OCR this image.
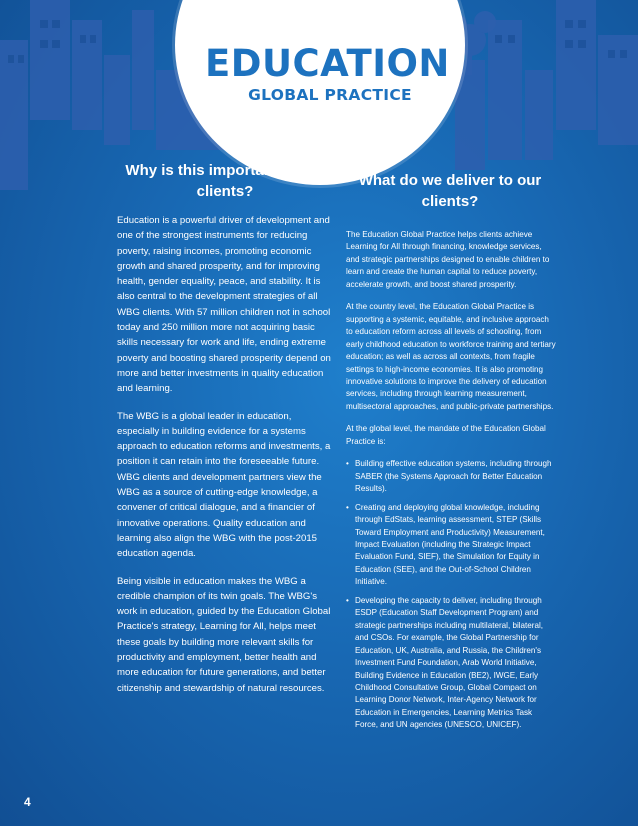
EDUCATION
GLOBAL PRACTICE
Why is this important to our clients?
What do we deliver to our clients?

Education is a powerful driver of development and one of the strongest instruments for reducing poverty, raising incomes, promoting economic growth and shared prosperity, and for improving health, gender equality, peace, and stability. It is also central to the development strategies of all WBG clients. With 57 million children not in school today and 250 million more not acquiring basic skills necessary for work and life, ending extreme poverty and boosting shared prosperity depend on more and better investments in quality education and learning.

The WBG is a global leader in education, especially in building evidence for a systems approach to education reforms and investments, a position it can retain into the foreseeable future. WBG clients and development partners view the WBG as a source of cutting-edge knowledge, a convener of critical dialogue, and a financier of innovative operations. Quality education and learning also align the WBG with the post-2015 education agenda.

Being visible in education makes the WBG a credible champion of its twin goals. The WBG's work in education, guided by the Education Global Practice's strategy, Learning for All, helps meet these goals by building more relevant skills for productivity and employment, better health and more education for future generations, and better citizenship and stewardship of natural resources.

The Education Global Practice helps clients achieve Learning for All through financing, knowledge services, and strategic partnerships designed to enable children to learn and create the human capital to reduce poverty, accelerate growth, and boost shared prosperity.

At the country level, the Education Global Practice is supporting a systemic, equitable, and inclusive approach to education reform across all levels of schooling, from early childhood education to workforce training and tertiary education; as well as across all contexts, from fragile settings to high-income economies. It is also promoting innovative solutions to improve the delivery of education services, including through learning measurement, multisectoral approaches, and public-private partnerships.

At the global level, the mandate of the Education Global Practice is:

• Building effective education systems, including through SABER (the Systems Approach for Better Education Results).
• Creating and deploying global knowledge, including through EdStats, learning assessment, STEP (Skills Toward Employment and Productivity) Measurement, Impact Evaluation (including the Strategic Impact Evaluation Fund, SIEF), the Simulation for Equity in Education (SEE), and the Out-of-School Children Initiative.
• Developing the capacity to deliver, including through ESDP (Education Staff Development Program) and strategic partnerships including multilateral, bilateral, and CSOs. For example, the Global Partnership for Education, UK, Australia, and Russia, the Children's Investment Fund Foundation, Arab World Initiative, Building Evidence in Education (BE2), IWGE, Early Childhood Consultative Group, Global Compact on Learning Donor Network, Inter-Agency Network for Education in Emergencies, Learning Metrics Task Force, and UN agencies (UNESCO, UNICEF).
4
